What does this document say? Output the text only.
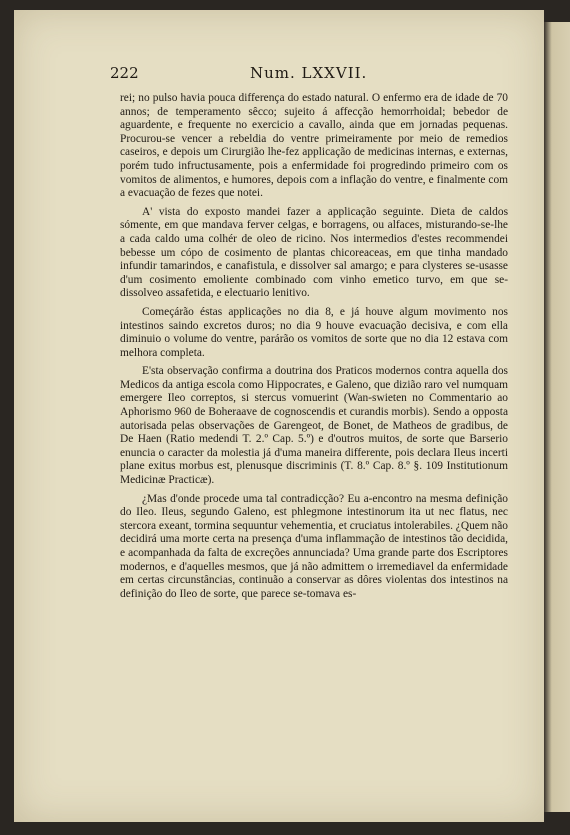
222	Num. LXXVII.

rei; no pulso havia pouca differença do estado natural. O enfermo era de idade de 70 annos; de temperamento sêcco; sujeito á affecção hemorrhoidal; bebedor de aguardente, e frequente no exercicio a cavallo, ainda que em jornadas pequenas. Procurou-se vencer a rebeldia do ventre primeiramente por meio de remedios caseiros, e depois um Cirurgião lhe-fez applicação de medicinas internas, e externas, porém tudo infructusamente, pois a enfermidade foi progredindo primeiro com os vomitos de alimentos, e humores, depois com a inflação do ventre, e finalmente com a evacuação de fezes que notei.

A' vista do exposto mandei fazer a applicação seguinte. Dieta de caldos sómente, em que mandava ferver celgas, e borragens, ou alfaces, misturando-se-lhe a cada caldo uma colhér de oleo de ricino. Nos intermedios d'estes recommendei bebesse um cópo de cosimento de plantas chicoreaceas, em que tinha mandado infundir tamarindos, e canafistula, e dissolver sal amargo; e para clysteres se-usasse d'um cosimento emoliente combinado com vinho emetico turvo, em que se-dissolveo assafetida, e electuario lenitivo.

Começárão éstas applicações no dia 8, e já houve algum movimento nos intestinos saindo excretos duros; no dia 9 houve evacuação decisiva, e com ella diminuio o volume do ventre, parárão os vomitos de sorte que no dia 12 estava com melhora completa.

E'sta observação confirma a doutrina dos Praticos modernos contra aquella dos Medicos da antiga escola como Hippocrates, e Galeno, que dizião raro vel numquam emergere Ileo correptos, si stercus vomuerint (Wan-swieten no Commentario ao Aphorismo 960 de Boheraave de cognoscendis et curandis morbis). Sendo a opposta autorisada pelas observações de Garengeot, de Bonet, de Matheos de gradibus, de De Haen (Ratio medendi T. 2.º Cap. 5.º) e d'outros muitos, de sorte que Barserio enuncia o caracter da molestia já d'uma maneira differente, pois declara Ileus incerti plane exitus morbus est, plenusque discriminis (T. 8.º Cap. 8.º §. 109 Institutionum Medicinæ Practicæ).

¿Mas d'onde procede uma tal contradicção? Eu a-encontro na mesma definição do Ileo. Ileus, segundo Galeno, est phlegmone intestinorum ita ut nec flatus, nec stercora exeant, tormina sequuntur vehementia, et cruciatus intolerabiles. ¿Quem não decidirá uma morte certa na presença d'uma inflammação de intestinos tão decidida, e acompanhada da falta de excreções annunciada? Uma grande parte dos Escriptores modernos, e d'aquelles mesmos, que já não admittem o irremediavel da enfermidade em certas circunstâncias, continuão a conservar as dôres violentas dos intestinos na definição do Ileo de sorte, que parece se-tomava es-
